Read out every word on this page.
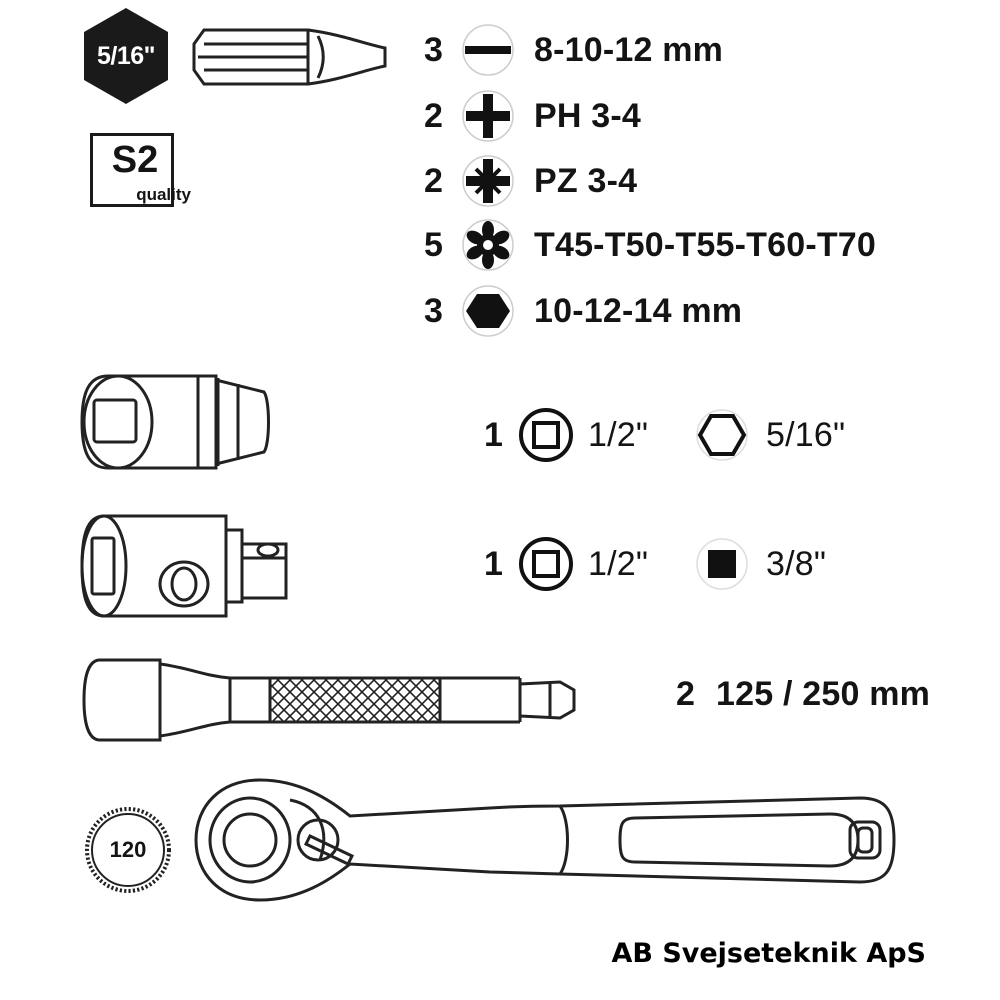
5/16"
S2
quality
3	8-10-12 mm
2	PH 3-4
2	PZ 3-4
5	T45-T50-T55-T60-T70
3	10-12-14 mm
1	1/2"	5/16"
1	1/2"	3/8"
2 125 / 250 mm
120
AB Svejseteknik ApS
